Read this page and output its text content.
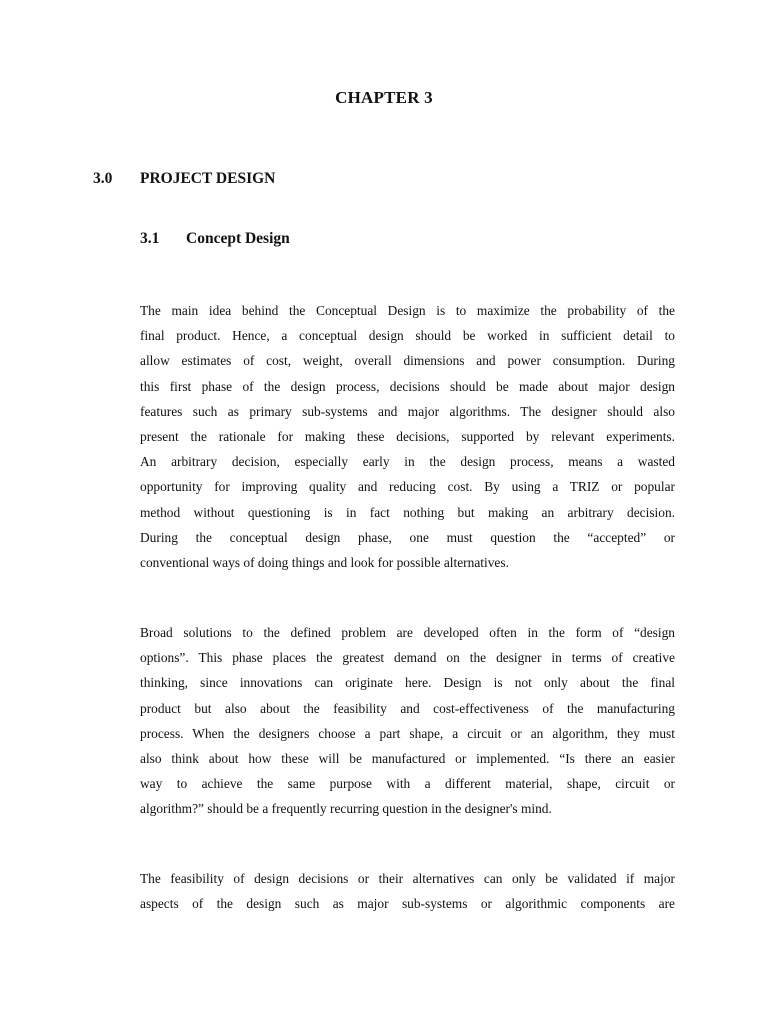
CHAPTER 3
3.0 PROJECT DESIGN
3.1 Concept Design
The main idea behind the Conceptual Design is to maximize the probability of the
final product. Hence, a conceptual design should be worked in sufficient detail to
allow estimates of cost, weight, overall dimensions and power consumption. During
this first phase of the design process, decisions should be made about major design
features such as primary sub-systems and major algorithms. The designer should also
present the rationale for making these decisions, supported by relevant experiments.
An arbitrary decision, especially early in the design process, means a wasted
opportunity for improving quality and reducing cost. By using a TRIZ or popular
method without questioning is in fact nothing but making an arbitrary decision.
During the conceptual design phase, one must question the “accepted” or
conventional ways of doing things and look for possible alternatives.
Broad solutions to the defined problem are developed often in the form of “design
options”. This phase places the greatest demand on the designer in terms of creative
thinking, since innovations can originate here. Design is not only about the final
product but also about the feasibility and cost-effectiveness of the manufacturing
process. When the designers choose a part shape, a circuit or an algorithm, they must
also think about how these will be manufactured or implemented. “Is there an easier
way to achieve the same purpose with a different material, shape, circuit or
algorithm?” should be a frequently recurring question in the designer's mind.
The feasibility of design decisions or their alternatives can only be validated if major
aspects of the design such as major sub-systems or algorithmic components are
